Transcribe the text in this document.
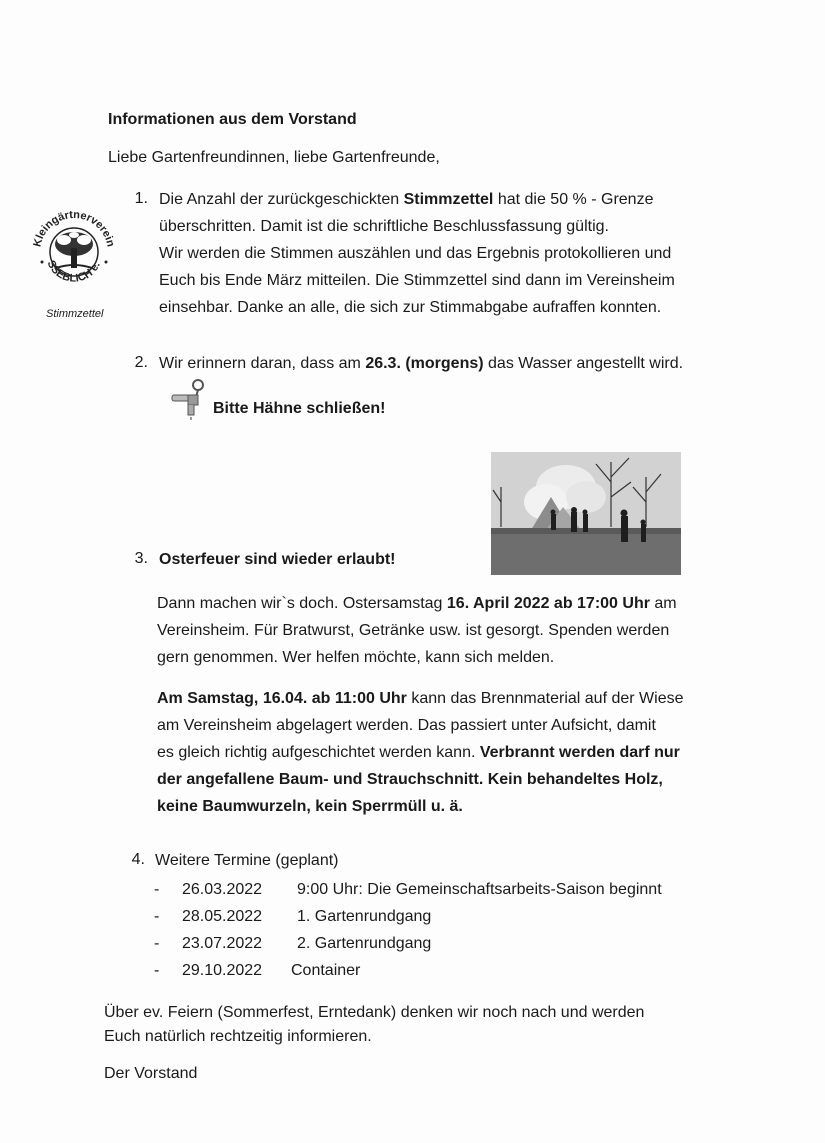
Informationen aus dem Vorstand
Liebe Gartenfreundinnen, liebe Gartenfreunde,
Kleingärtnerverein
SSEBLICH e.
Stimmzettel
1. Die Anzahl der zurückgeschickten Stimmzettel hat die 50 % - Grenze
überschritten. Damit ist die schriftliche Beschlussfassung gültig.
Wir werden die Stimmen auszählen und das Ergebnis protokollieren und
Euch bis Ende März mitteilen. Die Stimmzettel sind dann im Vereinsheim
einsehbar. Danke an alle, die sich zur Stimmabgabe aufraffen konnten.
2. Wir erinnern daran, dass am 26.3. (morgens) das Wasser angestellt wird.
Bitte Hähne schließen!
3. Osterfeuer sind wieder erlaubt!
Dann machen wir`s doch. Ostersamstag 16. April 2022 ab 17:00 Uhr am
Vereinsheim. Für Bratwurst, Getränke usw. ist gesorgt. Spenden werden
gern genommen. Wer helfen möchte, kann sich melden.
Am Samstag, 16.04. ab 11:00 Uhr kann das Brennmaterial auf der Wiese
am Vereinsheim abgelagert werden. Das passiert unter Aufsicht, damit
es gleich richtig aufgeschichtet werden kann. Verbrannt werden darf nur
der angefallene Baum- und Strauchschnitt. Kein behandeltes Holz,
keine Baumwurzeln, kein Sperrmüll u. ä.
4. Weitere Termine (geplant)
- 26.03.2022 9:00 Uhr: Die Gemeinschaftsarbeits-Saison beginnt
- 28.05.2022 1. Gartenrundgang
- 23.07.2022 2. Gartenrundgang
- 29.10.2022 Container
Über ev. Feiern (Sommerfest, Erntedank) denken wir noch nach und werden
Euch natürlich rechtzeitig informieren.
Der Vorstand
